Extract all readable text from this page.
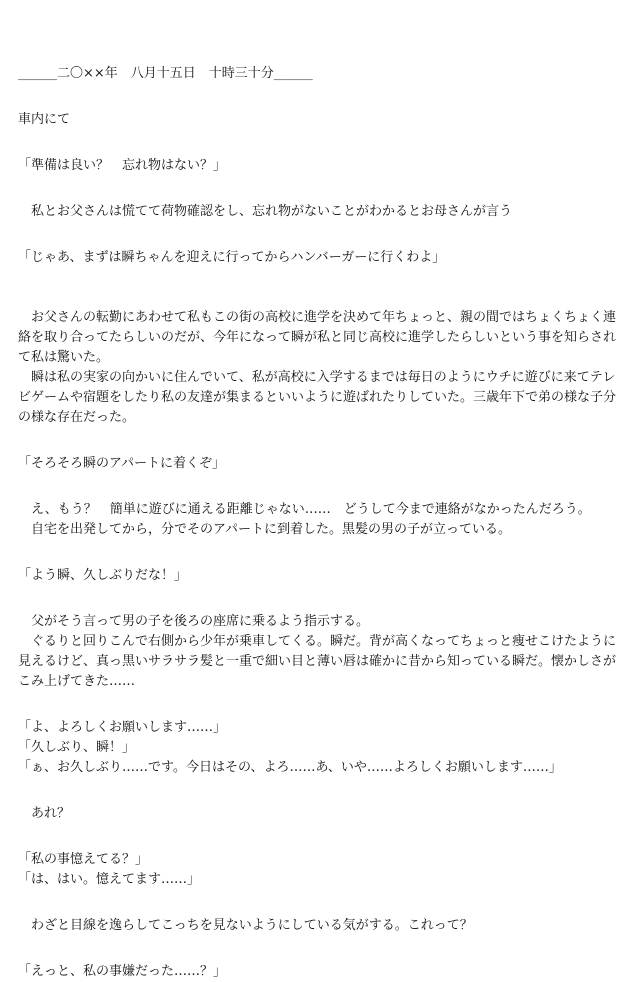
______二〇××年　八月十五日　十時三十分______

車内にて

「準備は良い？　忘れ物はない？」

　私とお父さんは慌てて荷物確認をし、忘れ物がないことがわかるとお母さんが言う

「じゃあ、まずは瞬ちゃんを迎えに行ってからハンバーガーに行くわよ」

　お父さんの転勤にあわせて私もこの街の高校に進学を決めて年ちょっと、親の間ではちょくちょく連絡を取り合ってたらしいのだが、今年になって瞬が私と同じ高校に進学したらしいという事を知らされて私は驚いた。

　瞬は私の実家の向かいに住んでいて、私が高校に入学するまでは毎日のようにウチに遊びに来てテレビゲームや宿題をしたり私の友達が集まるといいように遊ばれたりしていた。三歳年下で弟の様な子分の様な存在だった。

「そろそろ瞬のアパートに着くぞ」

　え、もう？　簡単に遊びに通える距離じゃない……　どうして今まで連絡がなかったんだろう。

　自宅を出発してから，分でそのアパートに到着した。黒髪の男の子が立っている。

「よう瞬、久しぶりだな！」

　父がそう言って男の子を後ろの座席に乗るよう指示する。

　ぐるりと回りこんで右側から少年が乗車してくる。瞬だ。背が高くなってちょっと痩せこけたように見えるけど、真っ黒いサラサラ髪と一重で細い目と薄い唇は確かに昔から知っている瞬だ。懐かしさがこみ上げてきた……

「よ、よろしくお願いします……」

「久しぶり、瞬！」

「ぁ、お久しぶり……です。今日はその、よろ……あ、いや……よろしくお願いします……」

　あれ？

「私の事憶えてる？」

「は、はい。憶えてます……」

　わざと目線を逸らしてこっちを見ないようにしている気がする。これって？

「えっと、私の事嫌だった……？」
